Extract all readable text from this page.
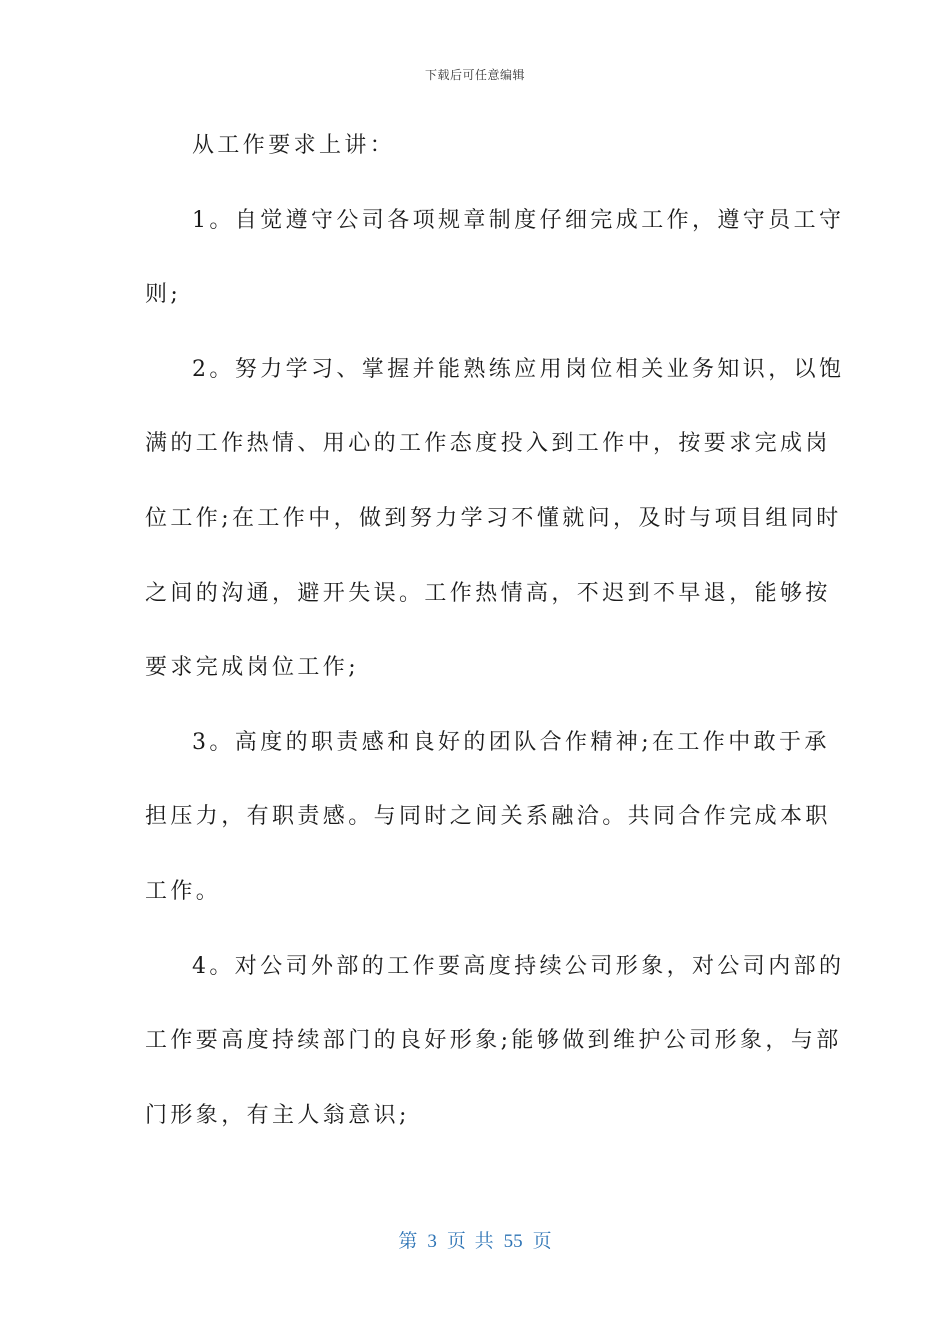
下载后可任意编辑
从工作要求上讲：
1。自觉遵守公司各项规章制度仔细完成工作，遵守员工守
则;
2。努力学习、掌握并能熟练应用岗位相关业务知识，以饱
满的工作热情、用心的工作态度投入到工作中，按要求完成岗
位工作;在工作中，做到努力学习不懂就问，及时与项目组同时
之间的沟通，避开失误。工作热情高，不迟到不早退，能够按
要求完成岗位工作;
3。高度的职责感和良好的团队合作精神;在工作中敢于承
担压力，有职责感。与同时之间关系融洽。共同合作完成本职
工作。
4。对公司外部的工作要高度持续公司形象，对公司内部的
工作要高度持续部门的良好形象;能够做到维护公司形象，与部
门形象，有主人翁意识;
第 3 页 共 55 页
